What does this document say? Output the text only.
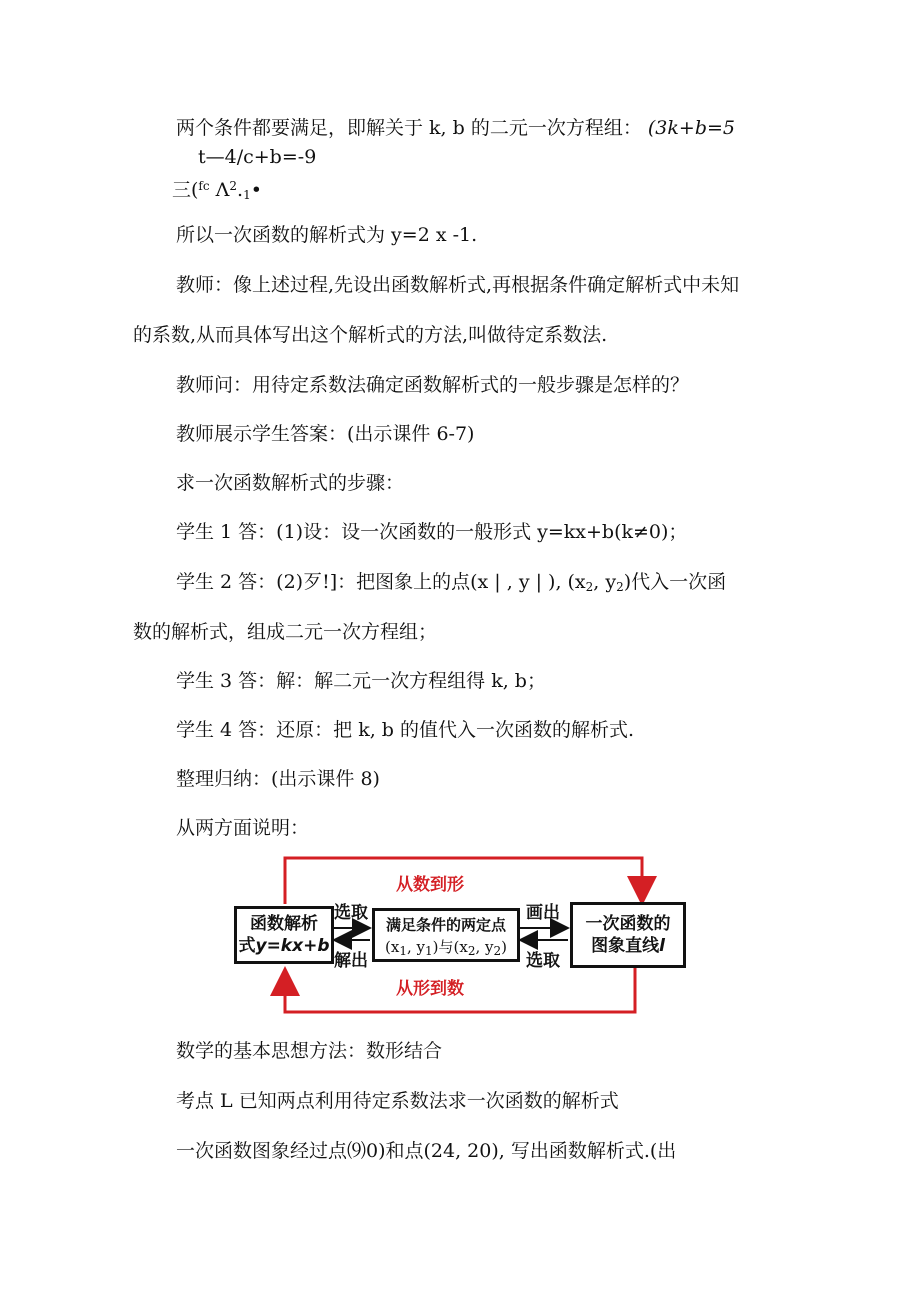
两个条件都要满足，即解关于 k, b 的二元一次方程组： (3k+b=5
t—4/c+b=-9
三($^{fc}$ $\Lambda^2._1•$
所以一次函数的解析式为 y=2 x -1.
教师：像上述过程,先设出函数解析式,再根据条件确定解析式中未知
的系数,从而具体写出这个解析式的方法,叫做待定系数法.
教师问：用待定系数法确定函数解析式的一般步骤是怎样的？
教师展示学生答案：(出示课件 6-7)
求一次函数解析式的步骤：
学生 1 答：(1)设：设一次函数的一般形式 y=kx+b(k≠0)；
学生 2 答：(2)歹!]：把图象上的点(x | , y | ), ($x_2$, $y_2$)代入一次函
数的解析式，组成二元一次方程组；
学生 3 答：解：解二元一次方程组得 k, b；
学生 4 答：还原：把 k, b 的值代入一次函数的解析式.
整理归纳：(出示课件 8)
从两方面说明：
从数到形
从形到数
函数解析
式y=kx+b
选取
解出
满足条件的两定点
($x_1$, $y_1$)与($x_2$, $y_2$)
画出
选取
一次函数的
图象直线l
数学的基本思想方法：数形结合
考点 L 已知两点利用待定系数法求一次函数的解析式
一次函数图象经过点⑼0)和点(24, 20), 写出函数解析式.(出
